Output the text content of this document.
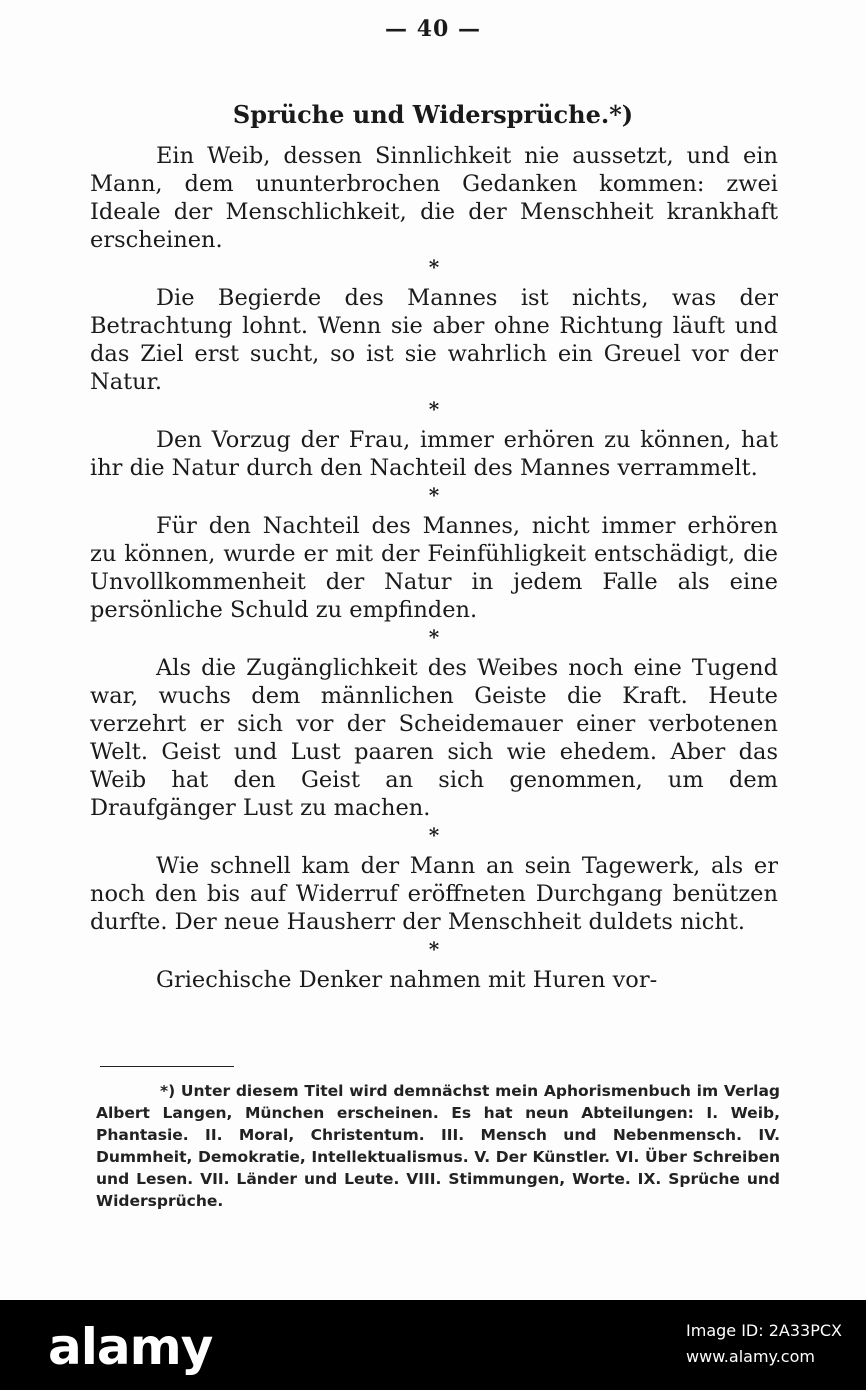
— 40 —
Sprüche und Widersprüche.*)

Ein Weib, dessen Sinnlichkeit nie aussetzt, und ein Mann, dem ununterbrochen Gedanken kommen: zwei Ideale der Menschlichkeit, die der Menschheit krankhaft erscheinen.

*

Die Begierde des Mannes ist nichts, was der Betrachtung lohnt. Wenn sie aber ohne Richtung läuft und das Ziel erst sucht, so ist sie wahrlich ein Greuel vor der Natur.

*

Den Vorzug der Frau, immer erhören zu können, hat ihr die Natur durch den Nachteil des Mannes verrammelt.

*

Für den Nachteil des Mannes, nicht immer erhören zu können, wurde er mit der Feinfühligkeit entschädigt, die Unvollkommenheit der Natur in jedem Falle als eine persönliche Schuld zu empfinden.

*

Als die Zugänglichkeit des Weibes noch eine Tugend war, wuchs dem männlichen Geiste die Kraft. Heute verzehrt er sich vor der Scheidemauer einer verbotenen Welt. Geist und Lust paaren sich wie ehedem. Aber das Weib hat den Geist an sich genommen, um dem Draufgänger Lust zu machen.

*

Wie schnell kam der Mann an sein Tagewerk, als er noch den bis auf Widerruf eröffneten Durchgang benützen durfte. Der neue Hausherr der Menschheit duldets nicht.

*

Griechische Denker nahmen mit Huren vor-

*) Unter diesem Titel wird demnächst mein Aphorismenbuch im Verlag Albert Langen, München erscheinen. Es hat neun Abteilungen: I. Weib, Phantasie. II. Moral, Christentum. III. Mensch und Nebenmensch. IV. Dummheit, Demokratie, Intellektualismus. V. Der Künstler. VI. Über Schreiben und Lesen. VII. Länder und Leute. VIII. Stimmungen, Worte. IX. Sprüche und Widersprüche.

alamy	Image ID: 2A33PCX
www.alamy.com
